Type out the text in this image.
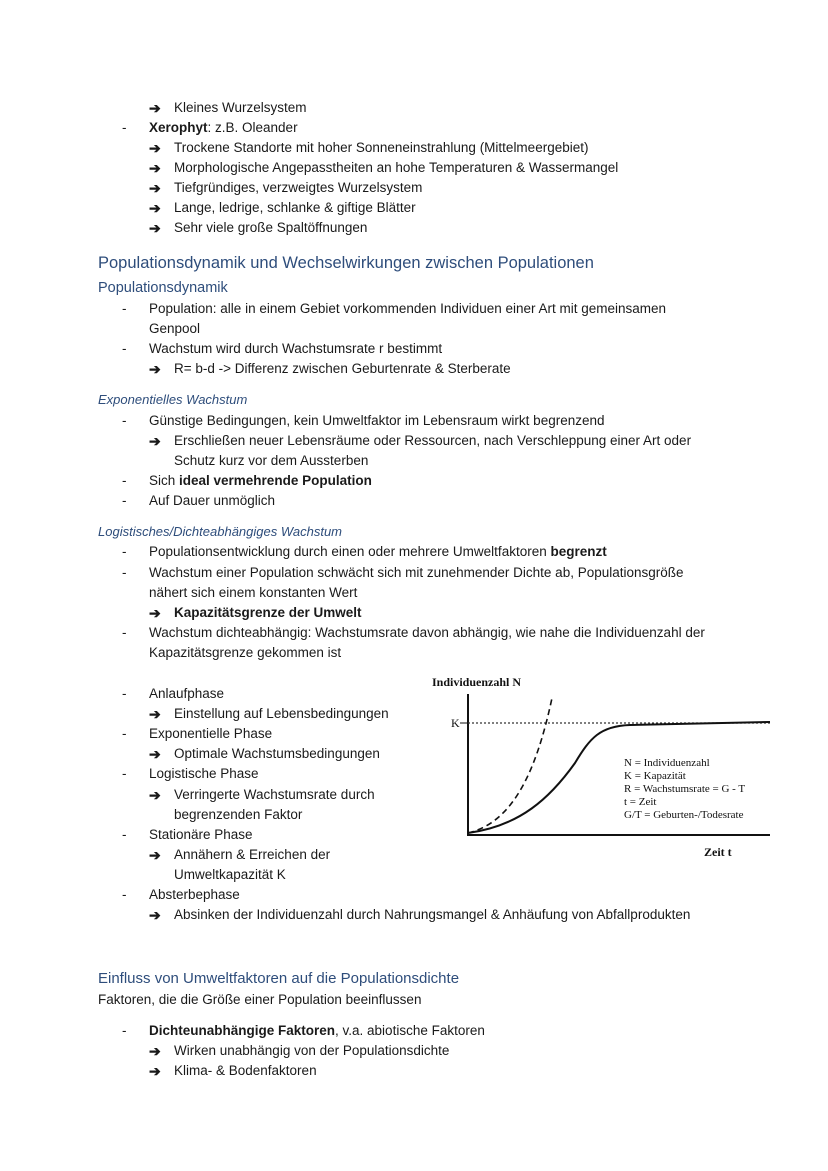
➔ Kleines Wurzelsystem
- Xerophyt: z.B. Oleander
➔ Trockene Standorte mit hoher Sonneneinstrahlung (Mittelmeergebiet)
➔ Morphologische Angepasstheiten an hohe Temperaturen & Wassermangel
➔ Tiefgründiges, verzweigtes Wurzelsystem
➔ Lange, ledrige, schlanke & giftige Blätter
➔ Sehr viele große Spaltöffnungen
Populationsdynamik und Wechselwirkungen zwischen Populationen
Populationsdynamik
- Population: alle in einem Gebiet vorkommenden Individuen einer Art mit gemeinsamen
Genpool
- Wachstum wird durch Wachstumsrate r bestimmt
➔ R= b-d -> Differenz zwischen Geburtenrate & Sterberate
Exponentielles Wachstum
- Günstige Bedingungen, kein Umweltfaktor im Lebensraum wirkt begrenzend
➔ Erschließen neuer Lebensräume oder Ressourcen, nach Verschleppung einer Art oder
Schutz kurz vor dem Aussterben
- Sich ideal vermehrende Population
- Auf Dauer unmöglich
Logistisches/Dichteabhängiges Wachstum
- Populationsentwicklung durch einen oder mehrere Umweltfaktoren begrenzt
- Wachstum einer Population schwächt sich mit zunehmender Dichte ab, Populationsgröße
nähert sich einem konstanten Wert
➔ Kapazitätsgrenze der Umwelt
- Wachstum dichteabhängig: Wachstumsrate davon abhängig, wie nahe die Individuenzahl der
Kapazitätsgrenze gekommen ist
- Anlaufphase
➔ Einstellung auf Lebensbedingungen
- Exponentielle Phase
➔ Optimale Wachstumsbedingungen
- Logistische Phase
➔ Verringerte Wachstumsrate durch
begrenzenden Faktor
- Stationäre Phase
➔ Annähern & Erreichen der
Umweltkapazität K
- Absterbephase
➔ Absinken der Individuenzahl durch Nahrungsmangel & Anhäufung von Abfallprodukten
Individuenzahl N
K
N = Individuenzahl
K = Kapazität
R = Wachstumsrate = G - T
t = Zeit
G/T = Geburten-/Todesrate
Zeit t
Einfluss von Umweltfaktoren auf die Populationsdichte
Faktoren, die die Größe einer Population beeinflussen
- Dichteunabhängige Faktoren, v.a. abiotische Faktoren
➔ Wirken unabhängig von der Populationsdichte
➔ Klima- & Bodenfaktoren
